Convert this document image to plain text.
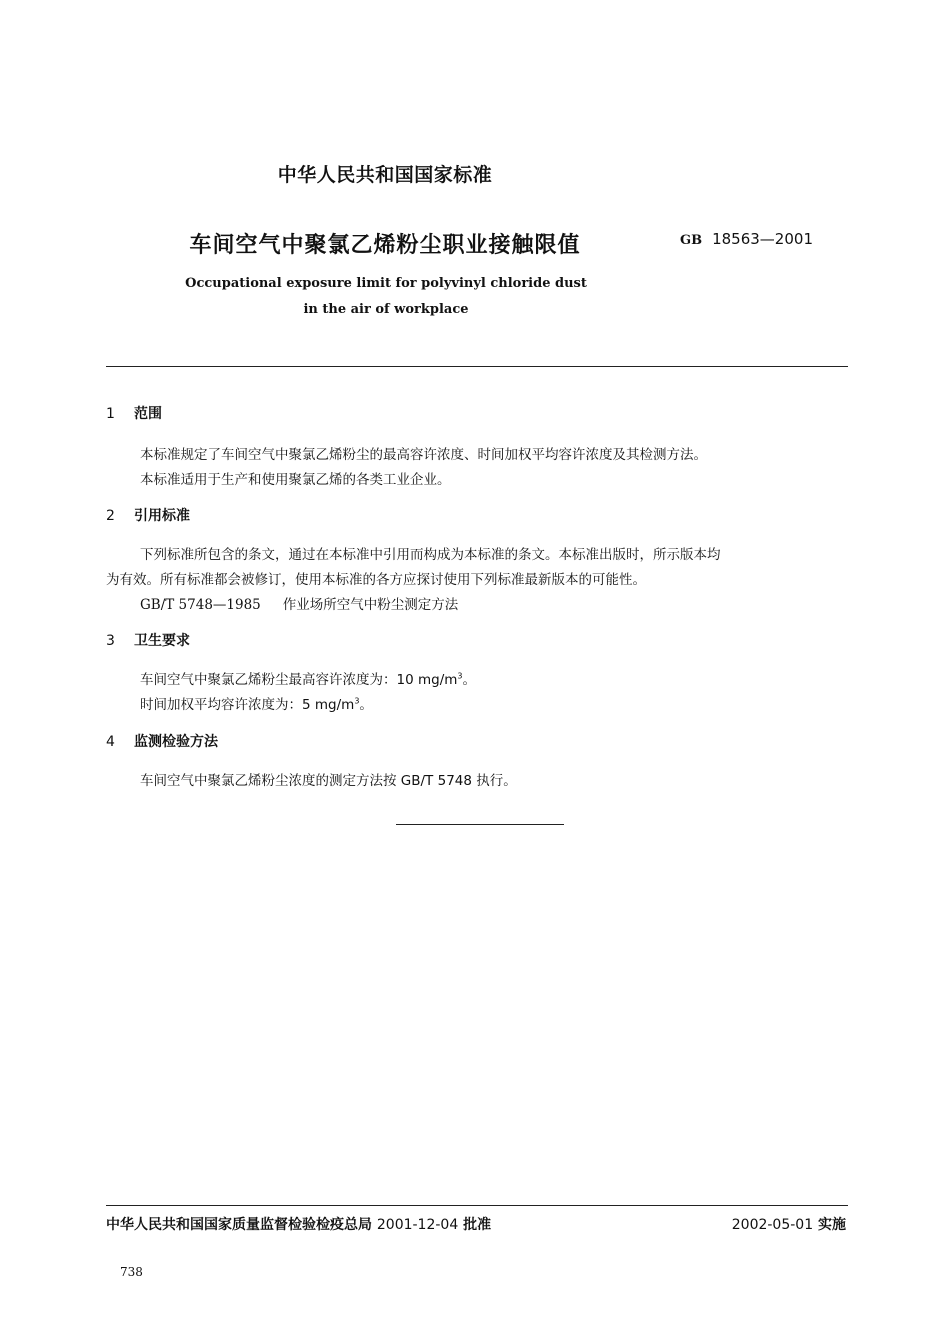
中华人民共和国国家标准
车间空气中聚氯乙烯粉尘职业接触限值	GB 18563—2001
Occupational exposure limit for polyvinyl chloride dust
in the air of workplace
1 范围
本标准规定了车间空气中聚氯乙烯粉尘的最高容许浓度、时间加权平均容许浓度及其检测方法。
本标准适用于生产和使用聚氯乙烯的各类工业企业。
2 引用标准
下列标准所包含的条文，通过在本标准中引用而构成为本标准的条文。本标准出版时，所示版本均
为有效。所有标准都会被修订，使用本标准的各方应探讨使用下列标准最新版本的可能性。
GB/T 5748—1985 作业场所空气中粉尘测定方法
3 卫生要求
车间空气中聚氯乙烯粉尘最高容许浓度为：10 $mg/m^3$。
时间加权平均容许浓度为：5 $mg/m^3$。
4 监测检验方法
车间空气中聚氯乙烯粉尘浓度的测定方法按 GB/T 5748 执行。
中华人民共和国国家质量监督检验检疫总局 2001-12-04 批准	2002-05-01 实施
738
